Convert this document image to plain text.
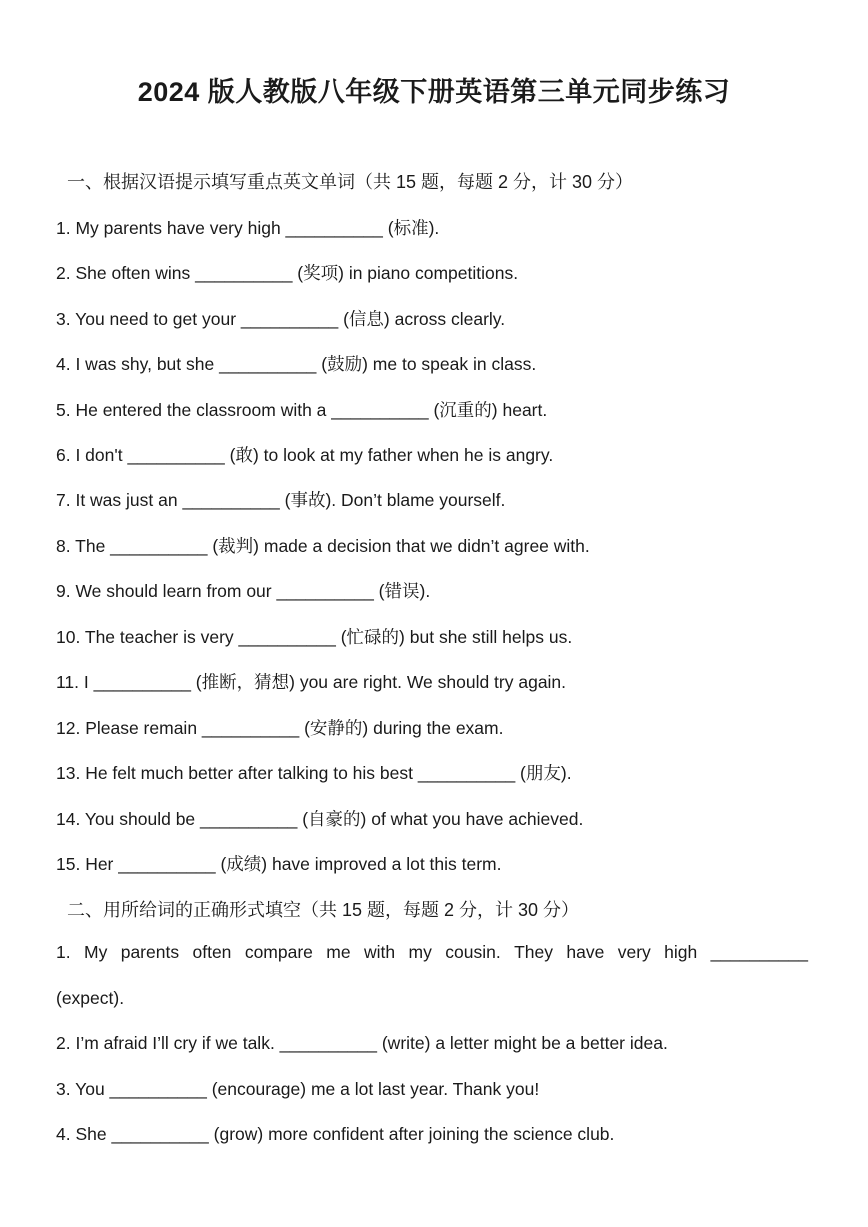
2024 版人教版八年级下册英语第三单元同步练习
一、根据汉语提示填写重点英文单词（共 15 题，每题 2 分，计 30 分）
1. My parents have very high __________ (标准).
2. She often wins __________ (奖项) in piano competitions.
3. You need to get your __________ (信息) across clearly.
4. I was shy, but she __________ (鼓励) me to speak in class.
5. He entered the classroom with a __________ (沉重的) heart.
6. I don't __________ (敢) to look at my father when he is angry.
7. It was just an __________ (事故). Don’t blame yourself.
8. The __________ (裁判) made a decision that we didn’t agree with.
9. We should learn from our __________ (错误).
10. The teacher is very __________ (忙碌的) but she still helps us.
11. I __________ (推断，猜想) you are right. We should try again.
12. Please remain __________ (安静的) during the exam.
13. He felt much better after talking to his best __________ (朋友).
14. You should be __________ (自豪的) of what you have achieved.
15. Her __________ (成绩) have improved a lot this term.
二、用所给词的正确形式填空（共 15 题，每题 2 分，计 30 分）
1. My parents often compare me with my cousin. They have very high __________
(expect).
2. I’m afraid I’ll cry if we talk. __________ (write) a letter might be a better idea.
3. You __________ (encourage) me a lot last year. Thank you!
4. She __________ (grow) more confident after joining the science club.
